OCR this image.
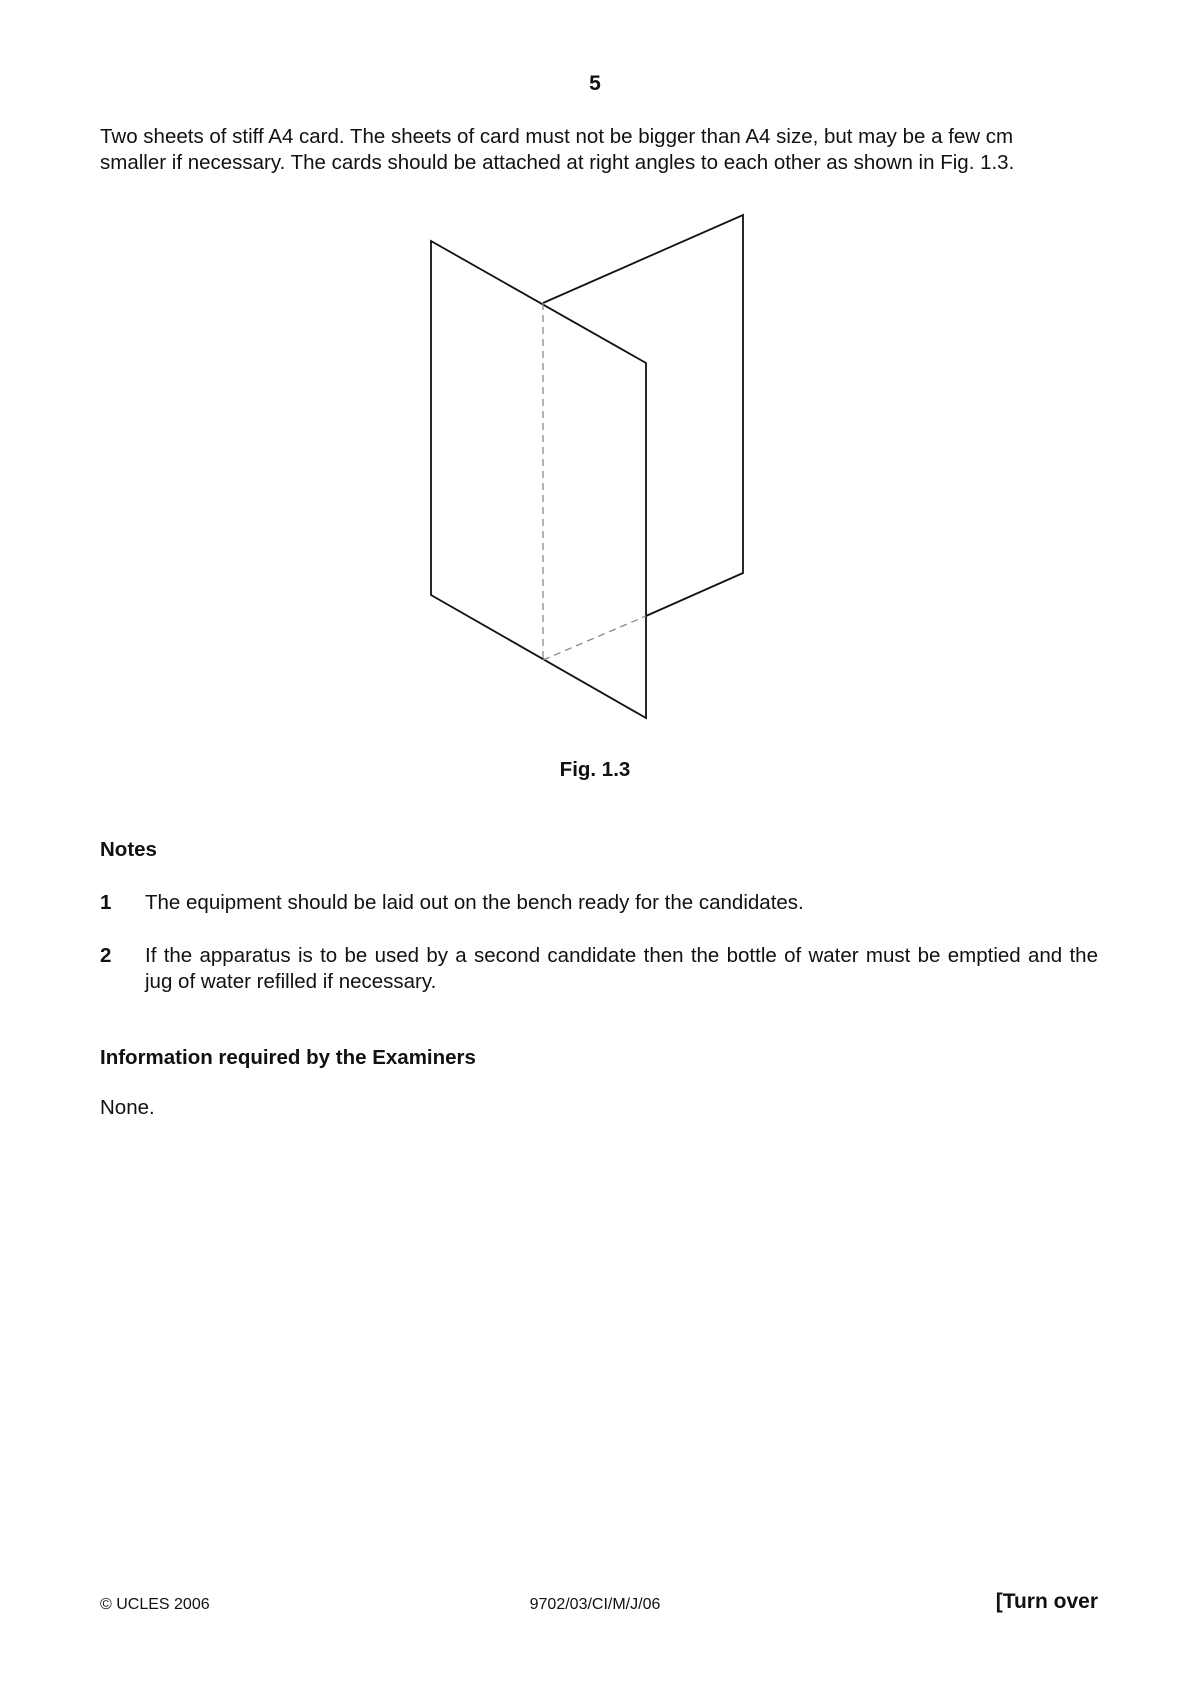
5

Two sheets of stiff A4 card. The sheets of card must not be bigger than A4 size, but may be a few cm

smaller if necessary. The cards should be attached at right angles to each other as shown in Fig. 1.3.

Fig. 1.3
Notes
1 The equipment should be laid out on the bench ready for the candidates.
2 If the apparatus is to be used by a second candidate then the bottle of water must be emptied and the jug of water refilled if necessary.
Information required by the Examiners
None.
© UCLES 2006	9702/03/CI/M/J/06	[Turn over
